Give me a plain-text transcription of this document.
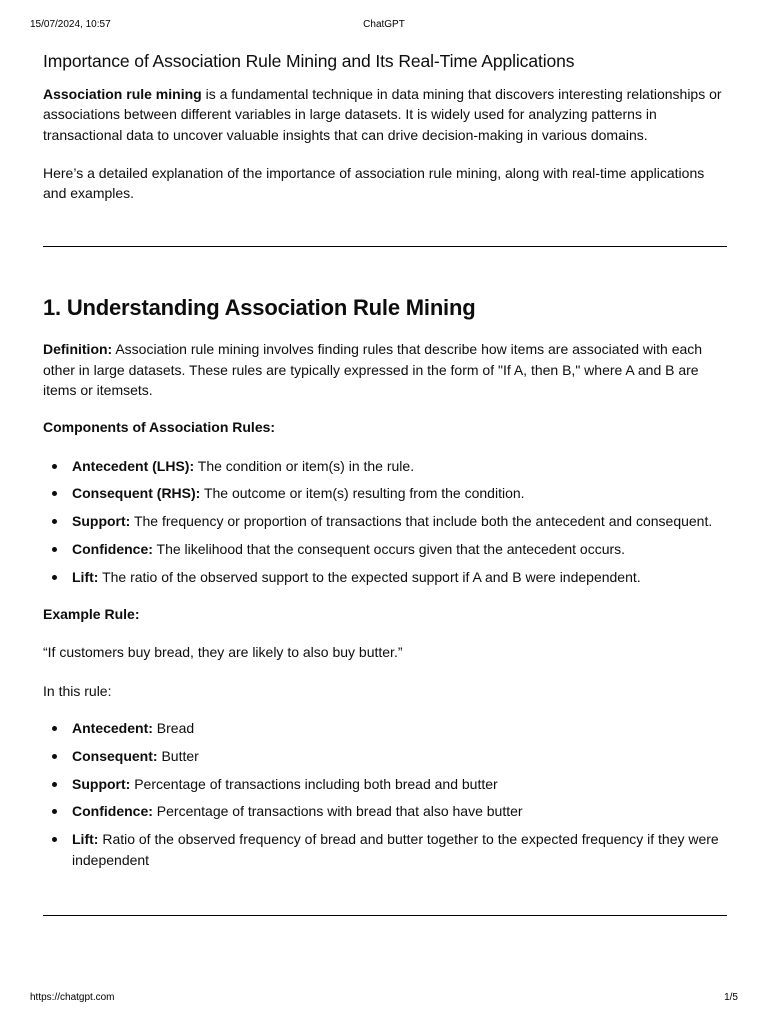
15/07/2024, 10:57	ChatGPT
Importance of Association Rule Mining and Its Real-Time Applications

Association rule mining is a fundamental technique in data mining that discovers interesting relationships or associations between different variables in large datasets. It is widely used for analyzing patterns in transactional data to uncover valuable insights that can drive decision-making in various domains.

Here’s a detailed explanation of the importance of association rule mining, along with real-time applications and examples.

1. Understanding Association Rule Mining

Definition: Association rule mining involves finding rules that describe how items are associated with each other in large datasets. These rules are typically expressed in the form of "If A, then B," where A and B are items or itemsets.

Components of Association Rules:

Antecedent (LHS): The condition or item(s) in the rule.
Consequent (RHS): The outcome or item(s) resulting from the condition.
Support: The frequency or proportion of transactions that include both the antecedent and consequent.
Confidence: The likelihood that the consequent occurs given that the antecedent occurs.
Lift: The ratio of the observed support to the expected support if A and B were independent.

Example Rule:

“If customers buy bread, they are likely to also buy butter.”

In this rule:

Antecedent: Bread
Consequent: Butter
Support: Percentage of transactions including both bread and butter
Confidence: Percentage of transactions with bread that also have butter
Lift: Ratio of the observed frequency of bread and butter together to the expected frequency if they were independent
https://chatgpt.com	1/5
